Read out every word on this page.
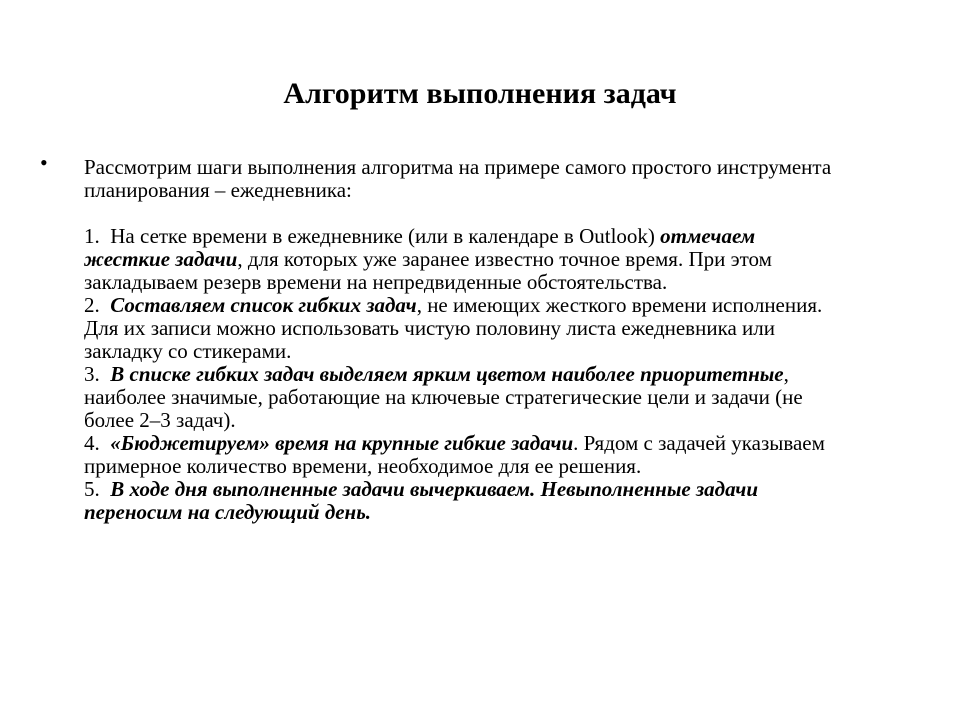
Алгоритм выполнения задач
• Рассмотрим шаги выполнения алгоритма на примере самого простого инструмента

планирования – ежедневника:

1. На сетке времени в ежедневнике (или в календаре в Outlook) отмечаем

жесткие задачи, для которых уже заранее известно точное время. При этом

закладываем резерв времени на непредвиденные обстоятельства.

2. Составляем список гибких задач, не имеющих жесткого времени исполнения.

Для их записи можно использовать чистую половину листа ежедневника или

закладку со стикерами.

3. В списке гибких задач выделяем ярким цветом наиболее приоритетные,

наиболее значимые, работающие на ключевые стратегические цели и задачи (не

более 2–3 задач).

4. «Бюджетируем» время на крупные гибкие задачи. Рядом с задачей указываем

примерное количество времени, необходимое для ее решения.

5. В ходе дня выполненные задачи вычеркиваем. Невыполненные задачи

переносим на следующий день.
